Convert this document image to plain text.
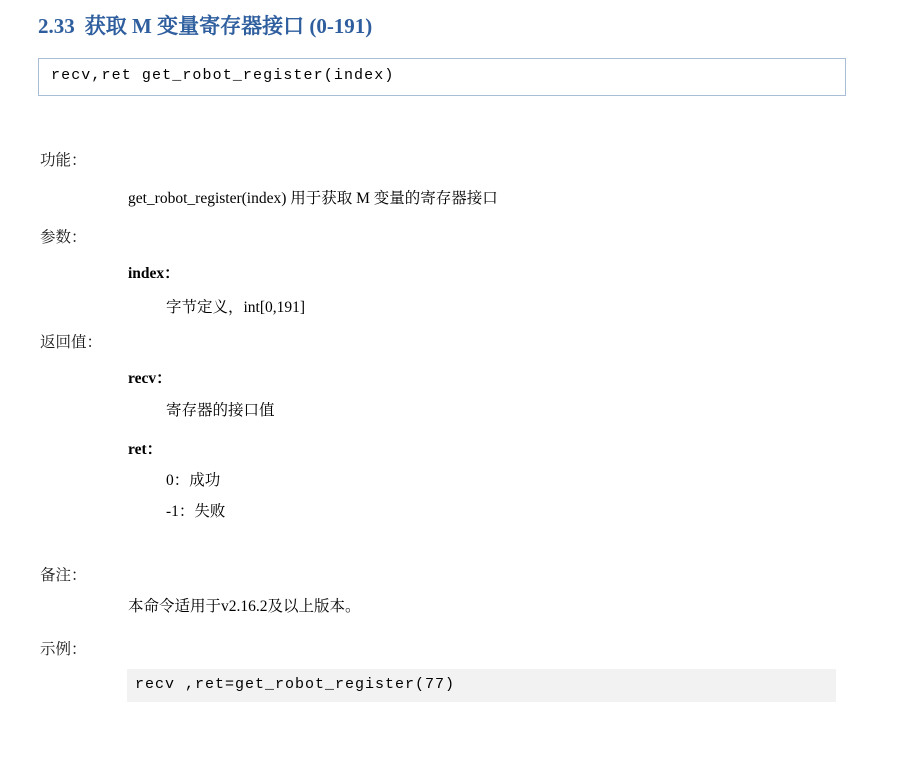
2.33 获取 M 变量寄存器接口 (0-191)
recv,ret get_robot_register(index)
功能：
get_robot_register(index) 用于获取 M 变量的寄存器接口
参数：
index：
字节定义，int[0,191]
返回值：
recv：
寄存器的接口值
ret：
0：成功
-1：失败
备注：
本命令适用于v2.16.2及以上版本。
示例：
recv ,ret=get_robot_register(77)
